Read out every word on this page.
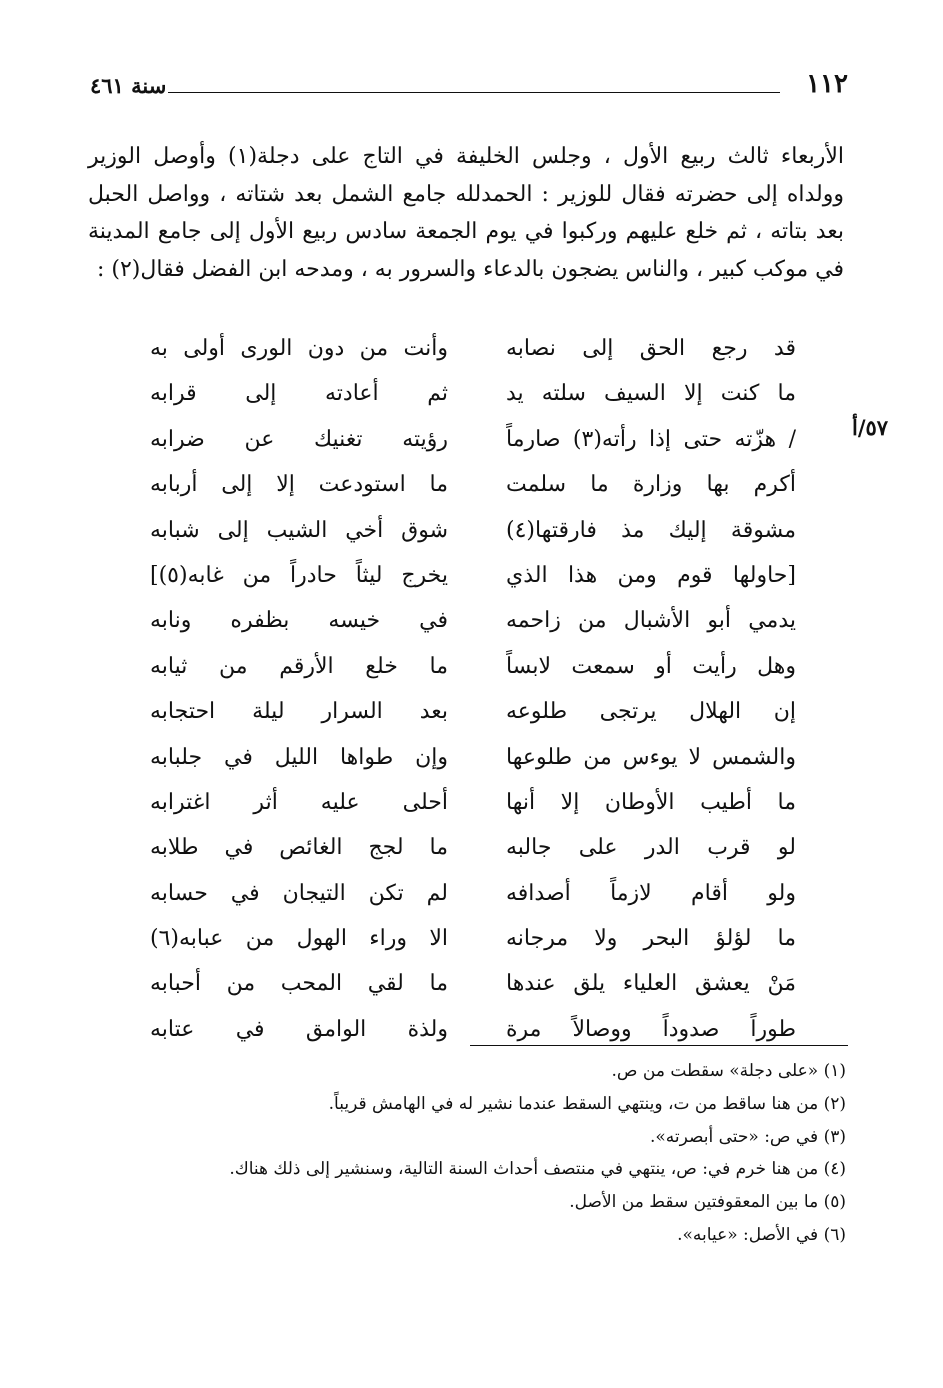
١١٢
سنة ٤٦١

الأربعاء ثالث ربيع الأول ، وجلس الخليفة في التاج على دجلة(١) وأوصل الوزير وولداه إلى حضرته فقال للوزير : الحمدلله جامع الشمل بعد شتاته ، وواصل الحبل بعد بتاته ، ثم خلع عليهم وركبوا في يوم الجمعة سادس ربيع الأول إلى جامع المدينة في موكب كبير ، والناس يضجون بالدعاء والسرور به ، ومدحه ابن الفضل فقال(٢) :

٥٧/أ
قد رجع الحق إلى نصابه
وأنت من دون الورى أولى به
ما كنت إلا السيف سلته يد
ثم أعادته إلى قرابه
/ هزّته حتى إذا رأته(٣) صارماً
رؤيته تغنيك عن ضرابه
أكرم بها وزارة ما سلمت
ما استودعت إلا إلى أربابه
مشوقة إليك مذ فارقتها(٤)
شوق أخي الشيب إلى شبابه
[حاولها قوم ومن هذا الذي
يخرج ليثاً حادراً من غابه(٥)]
يدمي أبو الأشبال من زاحمه
في خيسه بظفره ونابه
وهل رأيت أو سمعت لابساً
ما خلع الأرقم من ثيابه
إن الهلال يرتجى طلوعه
بعد السرار ليلة احتجابه
والشمس لا يوءس من طلوعها
وإن طواها الليل في جلبابه
ما أطيب الأوطان إلا أنها
أحلى عليه أثر اغترابه
لو قرب الدر على جالبه
ما لجج الغائص في طلابه
ولو أقام لازماً أصدافه
لم تكن التيجان في حسابه
ما لؤلؤ البحر ولا مرجانه
الا وراء الهول من عبابه(٦)
مَنْ يعشق العلياء يلق عندها
ما لقي المحب من أحبابه
طوراً صدوداً ووصالاً مرة
ولذة الوامق في عتابه
(١) «على دجلة» سقطت من ص.
(٢) من هنا ساقط من ت، وينتهي السقط عندما نشير له في الهامش قريباً.
(٣) في ص: «حتى أبصرته».
(٤) من هنا خرم في: ص، ينتهي في منتصف أحداث السنة التالية، وسنشير إلى ذلك هناك.
(٥) ما بين المعقوفتين سقط من الأصل.
(٦) في الأصل: «عيابه».
